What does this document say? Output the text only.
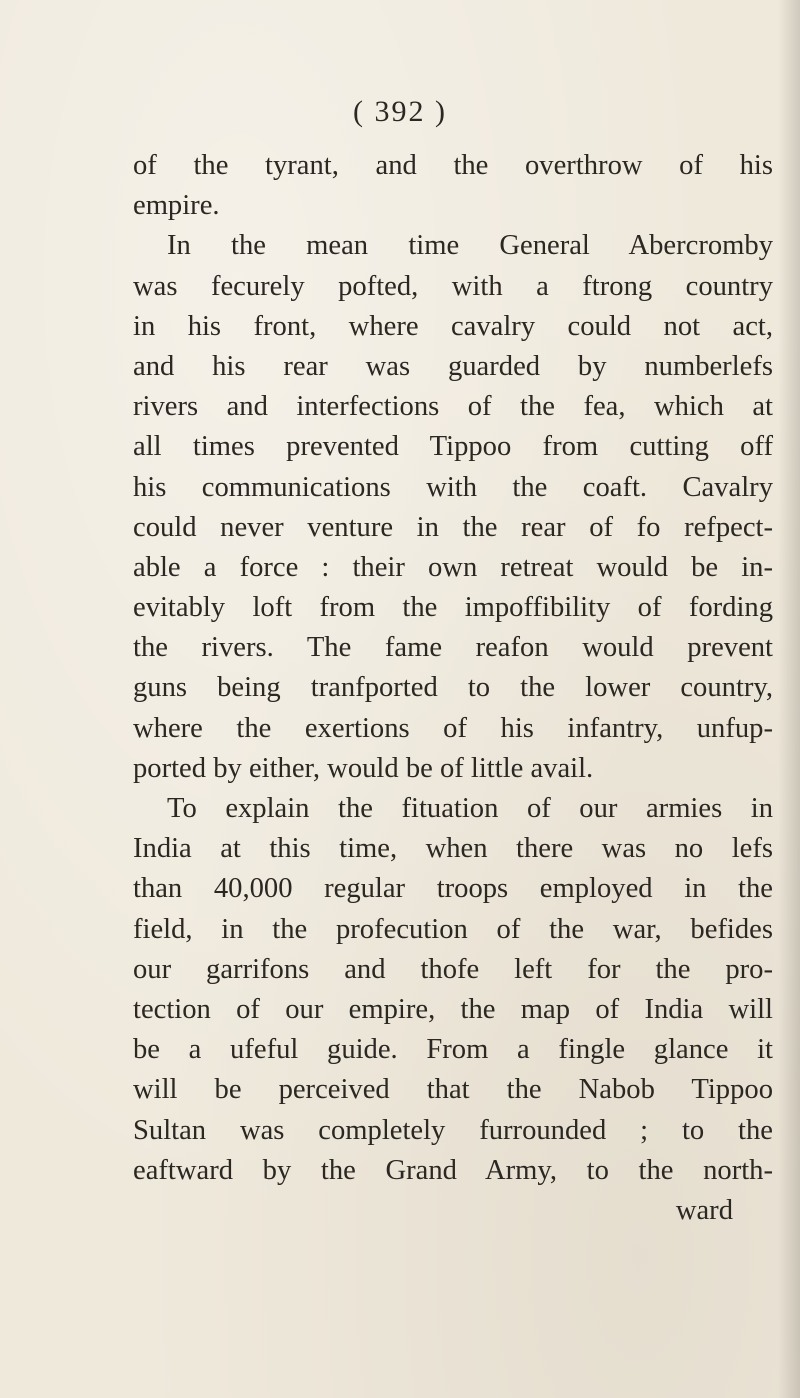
( 392 )
of the tyrant, and the overthrow of his
empire.
In the mean time General Abercromby
was fecurely pofted, with a ftrong country
in his front, where cavalry could not act,
and his rear was guarded by numberlefs
rivers and interfections of the fea, which at
all times prevented Tippoo from cutting off
his communications with the coaft. Cavalry
could never venture in the rear of fo refpect-
able a force : their own retreat would be in-
evitably loft from the impoffibility of fording
the rivers. The fame reafon would prevent
guns being tranfported to the lower country,
where the exertions of his infantry, unfup-
ported by either, would be of little avail.
To explain the fituation of our armies in
India at this time, when there was no lefs
than 40,000 regular troops employed in the
field, in the profecution of the war, befides
our garrifons and thofe left for the pro-
tection of our empire, the map of India will
be a ufeful guide. From a fingle glance it
will be perceived that the Nabob Tippoo
Sultan was completely furrounded ; to the
eaftward by the Grand Army, to the north-
ward
